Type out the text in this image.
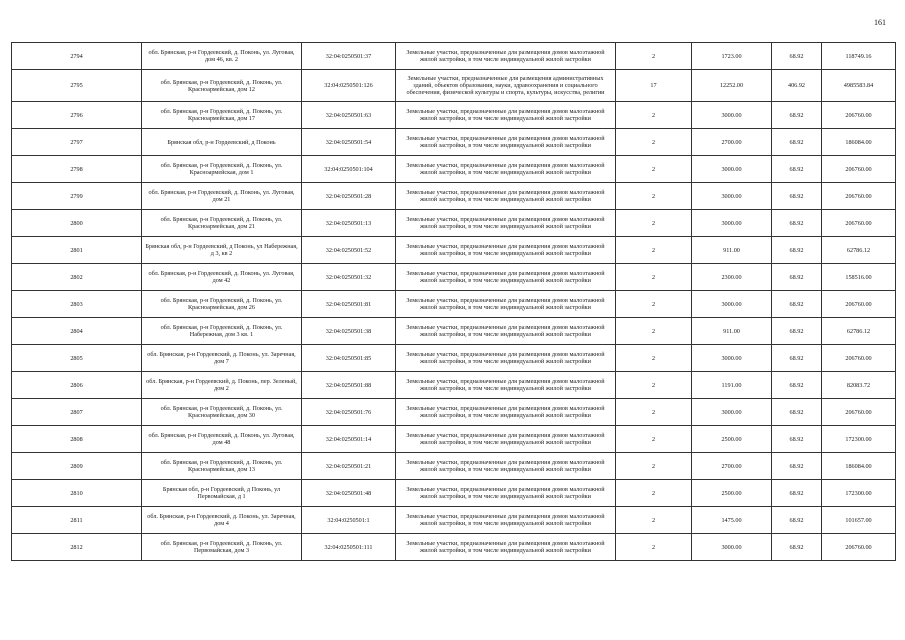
161
2794	обл. Брянская, р-н Гордеевский, д. Поконь, ул. Луговая, дом 46, кв. 2	32:04:0250501:37	Земельные участки, предназначенные для размещения домов малоэтажной жилой застройки, в том числе индивидуальной жилой застройки	2	1723.00	68.92	118749.16
2795	обл. Брянская, р-н Гордеевский, д. Поконь, ул. Красноармейская, дом 12	32:04:0250501:126	Земельные участки, предназначенные для размещения административных зданий, объектов образования, науки, здравоохранения и социального обеспечения, физической культуры и спорта, культуры, искусства, религии	17	12252.00	406.92	4985583.84
2796	обл. Брянская, р-н Гордеевский, д. Поконь, ул. Красноармейская, дом 17	32:04:0250501:63	Земельные участки, предназначенные для размещения домов малоэтажной жилой застройки, в том числе индивидуальной жилой застройки	2	3000.00	68.92	206760.00
2797	Брянская обл, р-н Гордеевский, д Поконь	32:04:0250501:54	Земельные участки, предназначенные для размещения домов малоэтажной жилой застройки, в том числе индивидуальной жилой застройки	2	2700.00	68.92	186084.00
2798	обл. Брянская, р-н Гордеевский, д. Поконь, ул. Красноармейская, дом 1	32:04:0250501:104	Земельные участки, предназначенные для размещения домов малоэтажной жилой застройки, в том числе индивидуальной жилой застройки	2	3000.00	68.92	206760.00
2799	обл. Брянская, р-н Гордеевский, д. Поконь, ул. Луговая, дом 21	32:04:0250501:28	Земельные участки, предназначенные для размещения домов малоэтажной жилой застройки, в том числе индивидуальной жилой застройки	2	3000.00	68.92	206760.00
2800	обл. Брянская, р-н Гордеевский, д. Поконь, ул. Красноармейская, дом 21	32:04:0250501:13	Земельные участки, предназначенные для размещения домов малоэтажной жилой застройки, в том числе индивидуальной жилой застройки	2	3000.00	68.92	206760.00
2801	Брянская обл, р-н Гордеевский, д Поконь, ул Набережная, д 3, кв 2	32:04:0250501:52	Земельные участки, предназначенные для размещения домов малоэтажной жилой застройки, в том числе индивидуальной жилой застройки	2	911.00	68.92	62786.12
2802	обл. Брянская, р-н Гордеевский, д. Поконь, ул. Луговая, дом 42	32:04:0250501:32	Земельные участки, предназначенные для размещения домов малоэтажной жилой застройки, в том числе индивидуальной жилой застройки	2	2300.00	68.92	158516.00
2803	обл. Брянская, р-н Гордеевский, д. Поконь, ул. Красноармейская, дом 26	32:04:0250501:81	Земельные участки, предназначенные для размещения домов малоэтажной жилой застройки, в том числе индивидуальной жилой застройки	2	3000.00	68.92	206760.00
2804	обл. Брянская, р-н Гордеевский, д. Поконь, ул. Набережная, дом 3 кв. 1	32:04:0250501:38	Земельные участки, предназначенные для размещения домов малоэтажной жилой застройки, в том числе индивидуальной жилой застройки	2	911.00	68.92	62786.12
2805	обл. Брянская, р-н Гордеевский, д. Поконь, ул. Заречная, дом 7	32:04:0250501:85	Земельные участки, предназначенные для размещения домов малоэтажной жилой застройки, в том числе индивидуальной жилой застройки	2	3000.00	68.92	206760.00
2806	обл. Брянская, р-н Гордеевский, д. Поконь, пер. Зеленый, дом 2	32:04:0250501:88	Земельные участки, предназначенные для размещения домов малоэтажной жилой застройки, в том числе индивидуальной жилой застройки	2	1191.00	68.92	82083.72
2807	обл. Брянская, р-н Гордеевский, д. Поконь, ул. Красноармейская, дом 30	32:04:0250501:76	Земельные участки, предназначенные для размещения домов малоэтажной жилой застройки, в том числе индивидуальной жилой застройки	2	3000.00	68.92	206760.00
2808	обл. Брянская, р-н Гордеевский, д. Поконь, ул. Луговая, дом 48	32:04:0250501:14	Земельные участки, предназначенные для размещения домов малоэтажной жилой застройки, в том числе индивидуальной жилой застройки	2	2500.00	68.92	172300.00
2809	обл. Брянская, р-н Гордеевский, д. Поконь, ул. Красноармейская, дом 13	32:04:0250501:21	Земельные участки, предназначенные для размещения домов малоэтажной жилой застройки, в том числе индивидуальной жилой застройки	2	2700.00	68.92	186084.00
2810	Брянская обл, р-н Гордеевский, д Поконь, ул Первомайская, д 1	32:04:0250501:48	Земельные участки, предназначенные для размещения домов малоэтажной жилой застройки, в том числе индивидуальной жилой застройки	2	2500.00	68.92	172300.00
2811	обл. Брянская, р-н Гордеевский, д. Поконь, ул. Заречная, дом 4	32:04:0250501:1	Земельные участки, предназначенные для размещения домов малоэтажной жилой застройки, в том числе индивидуальной жилой застройки	2	1475.00	68.92	101657.00
2812	обл. Брянская, р-н Гордеевский, д. Поконь, ул. Первомайская, дом 3	32:04:0250501:111	Земельные участки, предназначенные для размещения домов малоэтажной жилой застройки, в том числе индивидуальной жилой застройки	2	3000.00	68.92	206760.00
